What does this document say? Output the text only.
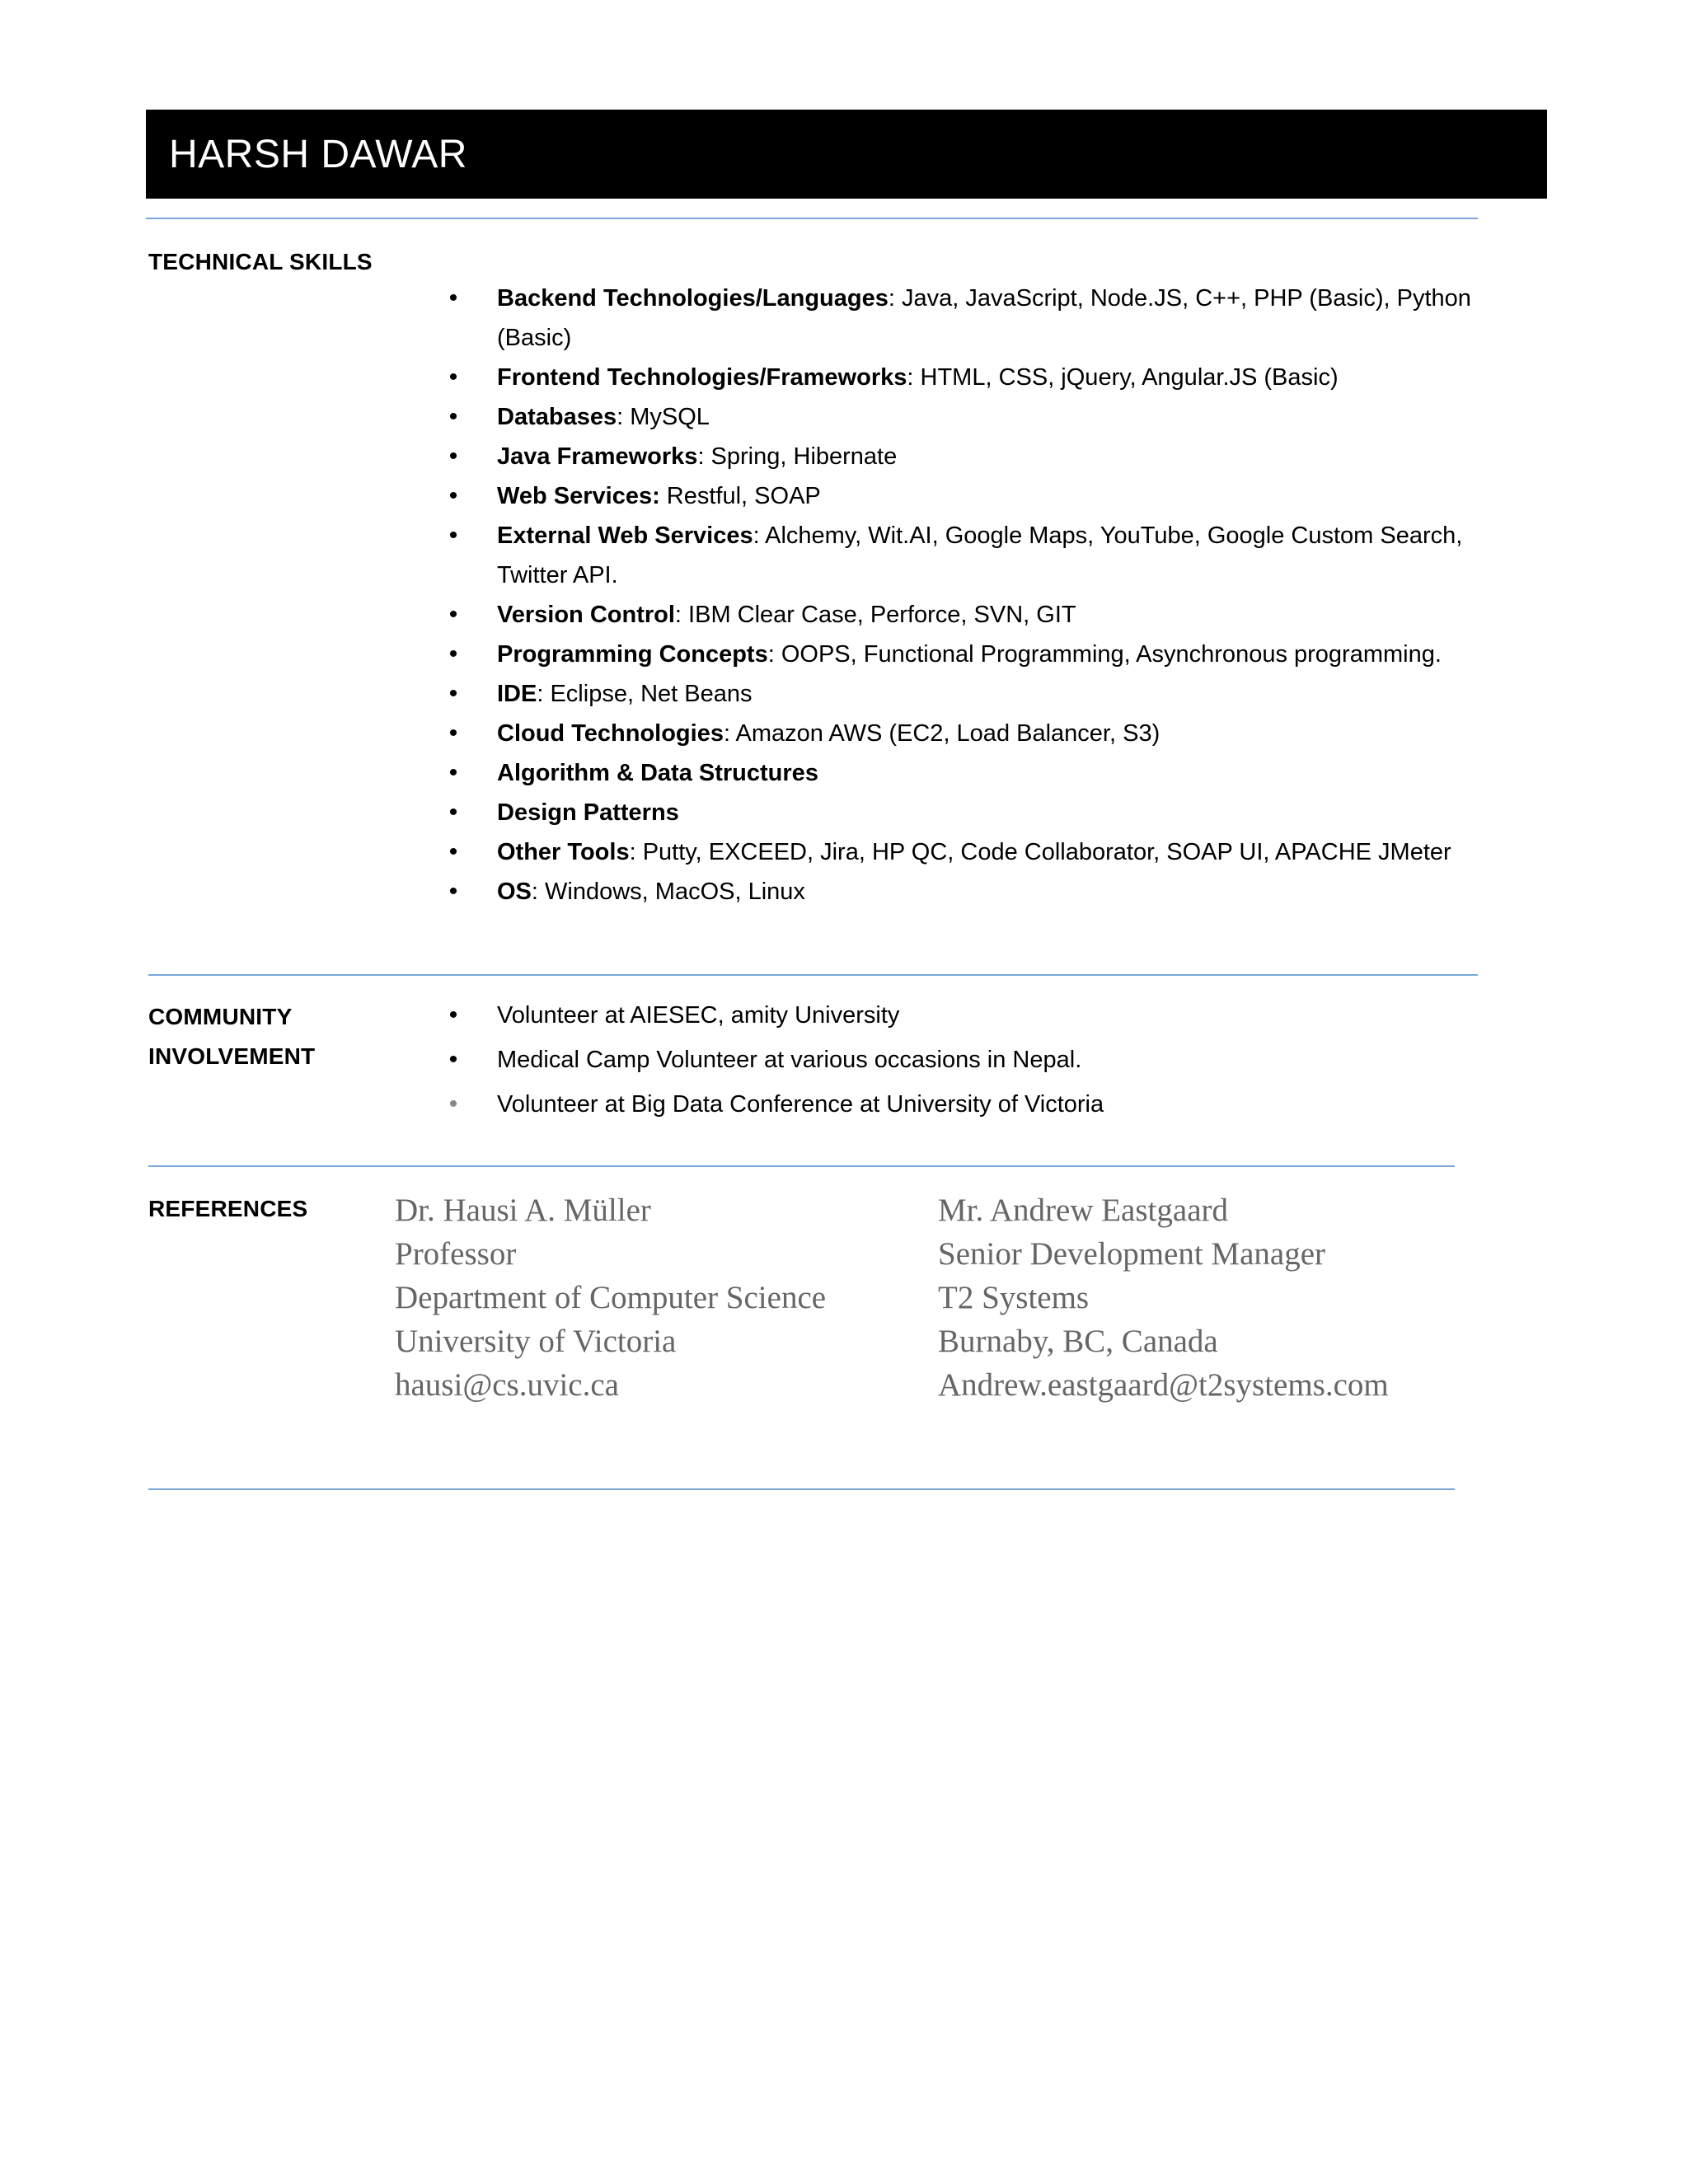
HARSH DAWAR
TECHNICAL SKILLS
•	Backend Technologies/Languages: Java, JavaScript, Node.JS, C++, PHP (Basic), Python
(Basic)
•	Frontend Technologies/Frameworks: HTML, CSS, jQuery, Angular.JS (Basic)
•	Databases: MySQL
•	Java Frameworks: Spring, Hibernate
•	Web Services: Restful, SOAP
•	External Web Services: Alchemy, Wit.AI, Google Maps, YouTube, Google Custom Search,
Twitter API.
•	Version Control: IBM Clear Case, Perforce, SVN, GIT
•	Programming Concepts: OOPS, Functional Programming, Asynchronous programming.
•	IDE: Eclipse, Net Beans
•	Cloud Technologies: Amazon AWS (EC2, Load Balancer, S3)
•	Algorithm & Data Structures
•	Design Patterns
•	Other Tools: Putty, EXCEED, Jira, HP QC, Code Collaborator, SOAP UI, APACHE JMeter
•	OS: Windows, MacOS, Linux
COMMUNITY
INVOLVEMENT
•	Volunteer at AIESEC, amity University
•	Medical Camp Volunteer at various occasions in Nepal.
•	Volunteer at Big Data Conference at University of Victoria
REFERENCES	Dr. Hausi A. Müller
Professor
Department of Computer Science
University of Victoria
hausi@cs.uvic.ca
Mr. Andrew Eastgaard
Senior Development Manager
T2 Systems
Burnaby, BC, Canada
Andrew.eastgaard@t2systems.com
